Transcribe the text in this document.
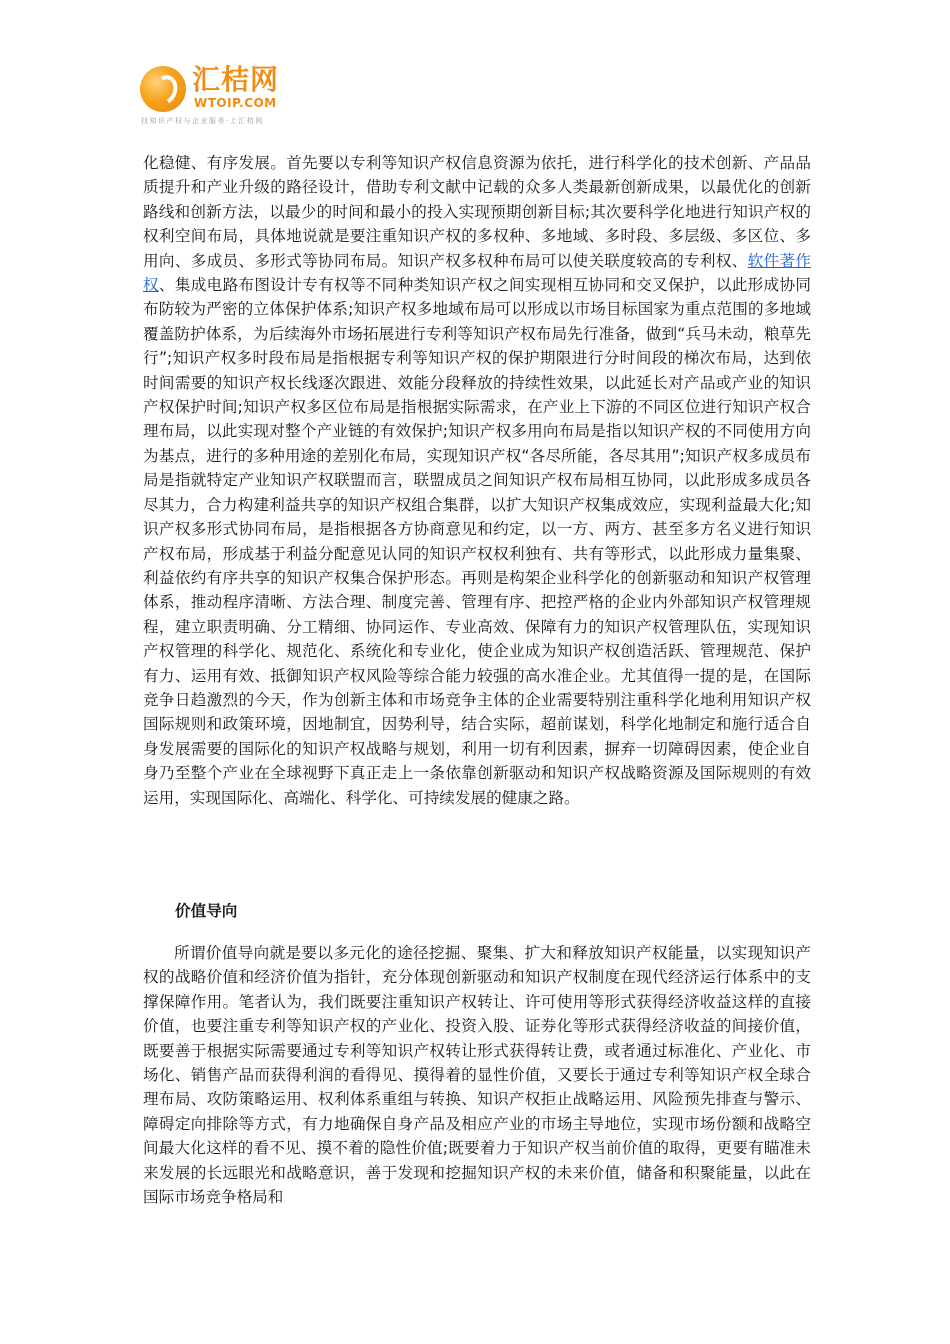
汇桔网
WTOIP.COM
找知识产权与企业服务·上汇桔网

化稳健、有序发展。首先要以专利等知识产权信息资源为依托，进行科学化的技术创新、产品品质提升和产业升级的路径设计，借助专利文献中记载的众多人类最新创新成果，以最优化的创新路线和创新方法，以最少的时间和最小的投入实现预期创新目标;其次要科学化地进行知识产权的权利空间布局，具体地说就是要注重知识产权的多权种、多地域、多时段、多层级、多区位、多用向、多成员、多形式等协同布局。知识产权多权种布局可以使关联度较高的专利权、软件著作权、集成电路布图设计专有权等不同种类知识产权之间实现相互协同和交叉保护，以此形成协同布防较为严密的立体保护体系;知识产权多地域布局可以形成以市场目标国家为重点范围的多地域覆盖防护体系，为后续海外市场拓展进行专利等知识产权布局先行准备，做到“兵马未动，粮草先行”;知识产权多时段布局是指根据专利等知识产权的保护期限进行分时间段的梯次布局，达到依时间需要的知识产权长线逐次跟进、效能分段释放的持续性效果，以此延长对产品或产业的知识产权保护时间;知识产权多区位布局是指根据实际需求，在产业上下游的不同区位进行知识产权合理布局，以此实现对整个产业链的有效保护;知识产权多用向布局是指以知识产权的不同使用方向为基点，进行的多种用途的差别化布局，实现知识产权“各尽所能，各尽其用”;知识产权多成员布局是指就特定产业知识产权联盟而言，联盟成员之间知识产权布局相互协同，以此形成多成员各尽其力，合力构建利益共享的知识产权组合集群，以扩大知识产权集成效应，实现利益最大化;知识产权多形式协同布局，是指根据各方协商意见和约定，以一方、两方、甚至多方名义进行知识产权布局，形成基于利益分配意见认同的知识产权权利独有、共有等形式，以此形成力量集聚、利益依约有序共享的知识产权集合保护形态。再则是构架企业科学化的创新驱动和知识产权管理体系，推动程序清晰、方法合理、制度完善、管理有序、把控严格的企业内外部知识产权管理规程，建立职责明确、分工精细、协同运作、专业高效、保障有力的知识产权管理队伍，实现知识产权管理的科学化、规范化、系统化和专业化，使企业成为知识产权创造活跃、管理规范、保护有力、运用有效、抵御知识产权风险等综合能力较强的高水准企业。尤其值得一提的是，在国际竞争日趋激烈的今天，作为创新主体和市场竞争主体的企业需要特别注重科学化地利用知识产权国际规则和政策环境，因地制宜，因势利导，结合实际，超前谋划，科学化地制定和施行适合自身发展需要的国际化的知识产权战略与规划，利用一切有利因素，摒弃一切障碍因素，使企业自身乃至整个产业在全球视野下真正走上一条依靠创新驱动和知识产权战略资源及国际规则的有效运用，实现国际化、高端化、科学化、可持续发展的健康之路。

价值导向

所谓价值导向就是要以多元化的途径挖掘、聚集、扩大和释放知识产权能量，以实现知识产权的战略价值和经济价值为指针，充分体现创新驱动和知识产权制度在现代经济运行体系中的支撑保障作用。笔者认为，我们既要注重知识产权转让、许可使用等形式获得经济收益这样的直接价值，也要注重专利等知识产权的产业化、投资入股、证券化等形式获得经济收益的间接价值，既要善于根据实际需要通过专利等知识产权转让形式获得转让费，或者通过标准化、产业化、市场化、销售产品而获得利润的看得见、摸得着的显性价值，又要长于通过专利等知识产权全球合理布局、攻防策略运用、权利体系重组与转换、知识产权拒止战略运用、风险预先排查与警示、障碍定向排除等方式，有力地确保自身产品及相应产业的市场主导地位，实现市场份额和战略空间最大化这样的看不见、摸不着的隐性价值;既要着力于知识产权当前价值的取得，更要有瞄准未来发展的长远眼光和战略意识，善于发现和挖掘知识产权的未来价值，储备和积聚能量，以此在国际市场竞争格局和
